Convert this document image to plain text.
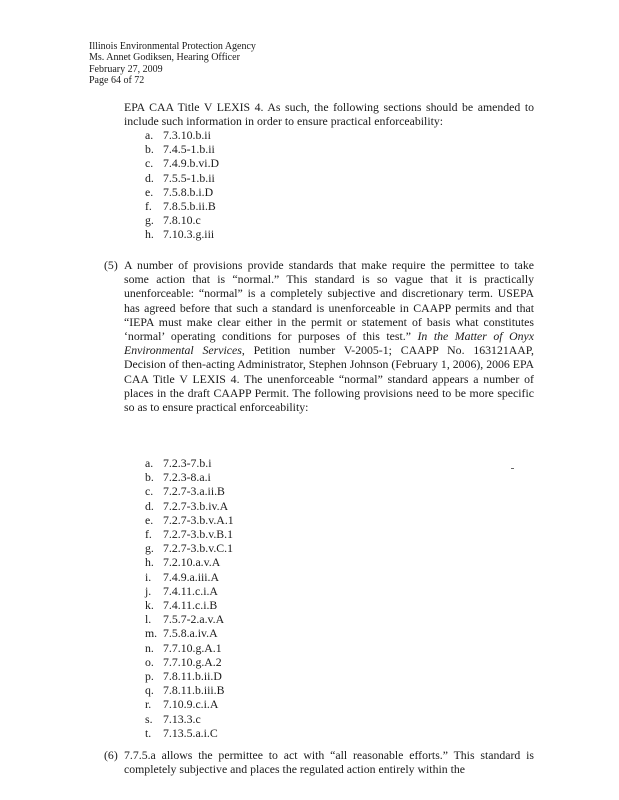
Illinois Environmental Protection Agency
Ms. Annet Godiksen, Hearing Officer
February 27, 2009
Page 64 of 72
EPA CAA Title V LEXIS 4. As such, the following sections should be amended to include such information in order to ensure practical enforceability:
a. 7.3.10.b.ii
b. 7.4.5-1.b.ii
c. 7.4.9.b.vi.D
d. 7.5.5-1.b.ii
e. 7.5.8.b.i.D
f. 7.8.5.b.ii.B
g. 7.8.10.c
h. 7.10.3.g.iii
(5) A number of provisions provide standards that make require the permittee to take some action that is “normal.” This standard is so vague that it is practically unenforceable: “normal” is a completely subjective and discretionary term. USEPA has agreed before that such a standard is unenforceable in CAAPP permits and that “IEPA must make clear either in the permit or statement of basis what constitutes ‘normal’ operating conditions for purposes of this test.” In the Matter of Onyx Environmental Services, Petition number V-2005-1; CAAPP No. 163121AAP, Decision of then-acting Administrator, Stephen Johnson (February 1, 2006), 2006 EPA CAA Title V LEXIS 4. The unenforceable “normal” standard appears a number of places in the draft CAAPP Permit. The following provisions need to be more specific so as to ensure practical enforceability:
a. 7.2.3-7.b.i
b. 7.2.3-8.a.i
c. 7.2.7-3.a.ii.B
d. 7.2.7-3.b.iv.A
e. 7.2.7-3.b.v.A.1
f. 7.2.7-3.b.v.B.1
g. 7.2.7-3.b.v.C.1
h. 7.2.10.a.v.A
i. 7.4.9.a.iii.A
j. 7.4.11.c.i.A
k. 7.4.11.c.i.B
l. 7.5.7-2.a.v.A
m. 7.5.8.a.iv.A
n. 7.7.10.g.A.1
o. 7.7.10.g.A.2
p. 7.8.11.b.ii.D
q. 7.8.11.b.iii.B
r. 7.10.9.c.i.A
s. 7.13.3.c
t. 7.13.5.a.i.C
(6) 7.7.5.a allows the permittee to act with “all reasonable efforts.” This standard is completely subjective and places the regulated action entirely within the
